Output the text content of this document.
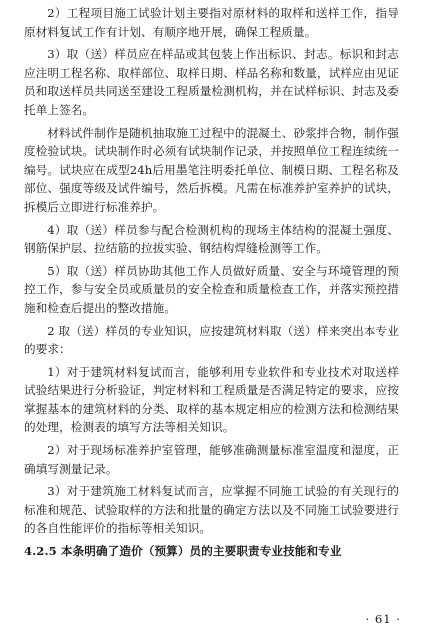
2）工程项目施工试验计划主要指对原材料的取样和送样工作，指导原材料复试工作有计划、有顺序地开展，确保工程质量。

3）取（送）样员应在样品或其包装上作出标识、封志。标识和封志应注明工程名称、取样部位、取样日期、样品名称和数量，试样应由见证员和取送样员共同送至建设工程质量检测机构，并在试样标识、封志及委托单上签名。

材料试件制作是随机抽取施工过程中的混凝土、砂浆拌合物，制作强度检验试块。试块制作时必须有试块制作记录，并按照单位工程连续统一编号。试块应在成型24h后用墨笔注明委托单位、制模日期、工程名称及部位、强度等级及试件编号，然后拆模。凡需在标准养护室养护的试块，拆模后立即进行标准养护。

4）取（送）样员参与配合检测机构的现场主体结构的混凝土强度、钢筋保护层、拉结筋的拉拔实验、钢结构焊缝检测等工作。

5）取（送）样员协助其他工作人员做好质量、安全与环境管理的预控工作，参与安全员或质量员的安全检查和质量检查工作，并落实预控措施和检查后提出的整改措施。

2 取（送）样员的专业知识，应按建筑材料取（送）样来突出本专业的要求：

1）对于建筑材料复试而言，能够利用专业软件和专业技术对取送样试验结果进行分析验证，判定材料和工程质量是否满足特定的要求，应按掌握基本的建筑材料的分类、取样的基本规定相应的检测方法和检测结果的处理，检测表的填写方法等相关知识。

2）对于现场标准养护室管理，能够准确测量标准室温度和湿度，正确填写测量记录。

3）对于建筑施工材料复试而言，应掌握不同施工试验的有关现行的标准和规范、试验取样的方法和批量的确定方法以及不同施工试验要进行的各自性能评价的指标等相关知识。

4.2.5 本条明确了造价（预算）员的主要职责专业技能和专业

· 61 ·
